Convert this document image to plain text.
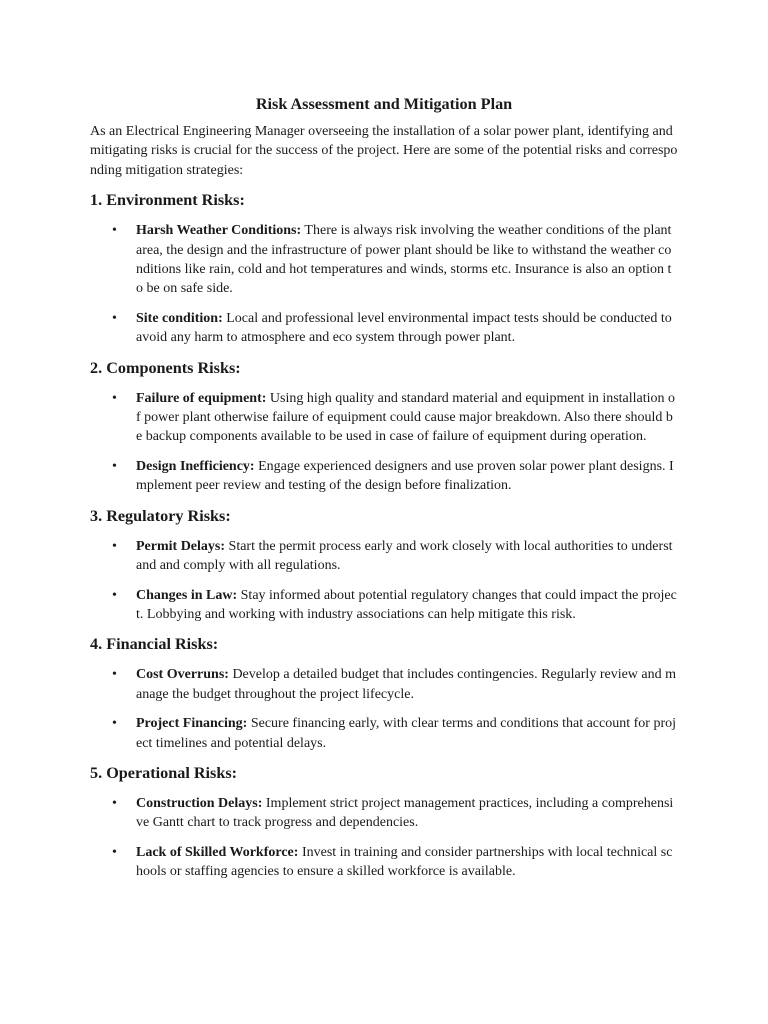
Risk Assessment and Mitigation Plan

As an Electrical Engineering Manager overseeing the installation of a solar power plant, identifying and mitigating risks is crucial for the success of the project. Here are some of the potential risks and corresponding mitigation strategies:

1. Environment Risks:
• Harsh Weather Conditions: There is always risk involving the weather conditions of the plant area, the design and the infrastructure of power plant should be like to withstand the weather conditions like rain, cold and hot temperatures and winds, storms etc. Insurance is also an option to be on safe side.
• Site condition: Local and professional level environmental impact tests should be conducted to avoid any harm to atmosphere and eco system through power plant.
2. Components Risks:
• Failure of equipment: Using high quality and standard material and equipment in installation of power plant otherwise failure of equipment could cause major breakdown. Also there should be backup components available to be used in case of failure of equipment during operation.
• Design Inefficiency: Engage experienced designers and use proven solar power plant designs. Implement peer review and testing of the design before finalization.
3. Regulatory Risks:
• Permit Delays: Start the permit process early and work closely with local authorities to understand and comply with all regulations.
• Changes in Law: Stay informed about potential regulatory changes that could impact the project. Lobbying and working with industry associations can help mitigate this risk.
4. Financial Risks:
• Cost Overruns: Develop a detailed budget that includes contingencies. Regularly review and manage the budget throughout the project lifecycle.
• Project Financing: Secure financing early, with clear terms and conditions that account for project timelines and potential delays.
5. Operational Risks:
• Construction Delays: Implement strict project management practices, including a comprehensive Gantt chart to track progress and dependencies.
• Lack of Skilled Workforce: Invest in training and consider partnerships with local technical schools or staffing agencies to ensure a skilled workforce is available.
